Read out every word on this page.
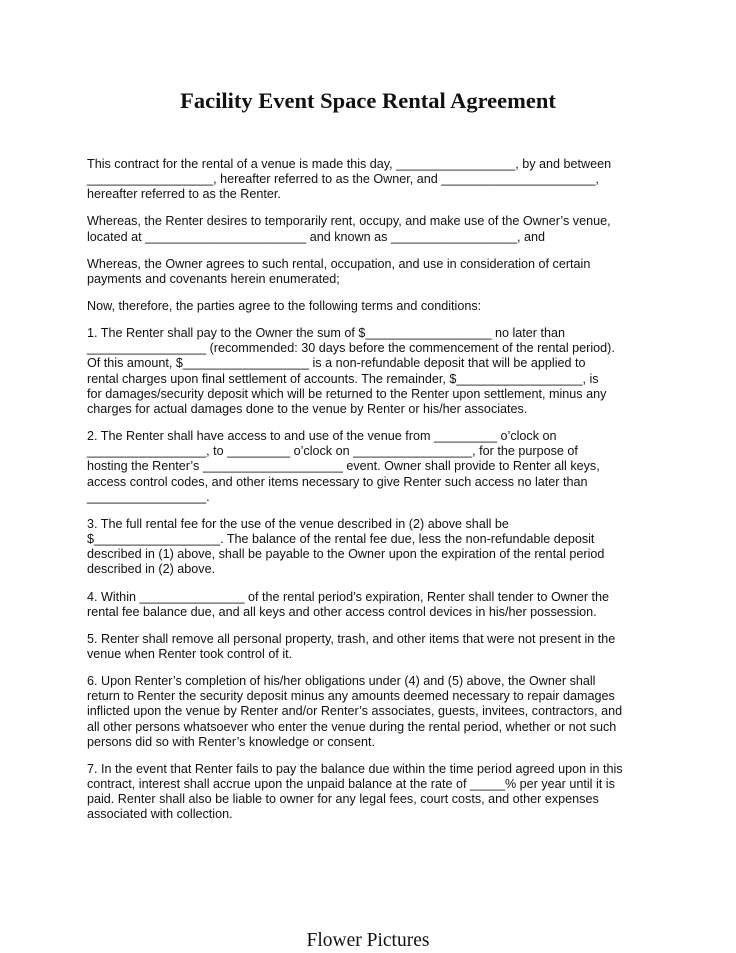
Facility Event Space Rental Agreement
This contract for the rental of a venue is made this day, _________________, by and between
__________________, hereafter referred to as the Owner, and ______________________,
hereafter referred to as the Renter.
Whereas, the Renter desires to temporarily rent, occupy, and make use of the Owner’s venue,
located at _______________________ and known as __________________, and
Whereas, the Owner agrees to such rental, occupation, and use in consideration of certain
payments and covenants herein enumerated;
Now, therefore, the parties agree to the following terms and conditions:
1. The Renter shall pay to the Owner the sum of $__________________ no later than
_________________ (recommended: 30 days before the commencement of the rental period).
Of this amount, $__________________ is a non-refundable deposit that will be applied to
rental charges upon final settlement of accounts. The remainder, $__________________, is
for damages/security deposit which will be returned to the Renter upon settlement, minus any
charges for actual damages done to the venue by Renter or his/her associates.
2. The Renter shall have access to and use of the venue from _________ o’clock on
_________________, to _________ o’clock on _________________, for the purpose of
hosting the Renter’s ____________________ event. Owner shall provide to Renter all keys,
access control codes, and other items necessary to give Renter such access no later than
_________________.
3. The full rental fee for the use of the venue described in (2) above shall be
$__________________. The balance of the rental fee due, less the non-refundable deposit
described in (1) above, shall be payable to the Owner upon the expiration of the rental period
described in (2) above.
4. Within _______________ of the rental period’s expiration, Renter shall tender to Owner the
rental fee balance due, and all keys and other access control devices in his/her possession.
5. Renter shall remove all personal property, trash, and other items that were not present in the
venue when Renter took control of it.
6. Upon Renter’s completion of his/her obligations under (4) and (5) above, the Owner shall
return to Renter the security deposit minus any amounts deemed necessary to repair damages
inflicted upon the venue by Renter and/or Renter’s associates, guests, invitees, contractors, and
all other persons whatsoever who enter the venue during the rental period, whether or not such
persons did so with Renter’s knowledge or consent.
7. In the event that Renter fails to pay the balance due within the time period agreed upon in this
contract, interest shall accrue upon the unpaid balance at the rate of _____% per year until it is
paid. Renter shall also be liable to owner for any legal fees, court costs, and other expenses
associated with collection.
Flower Pictures
